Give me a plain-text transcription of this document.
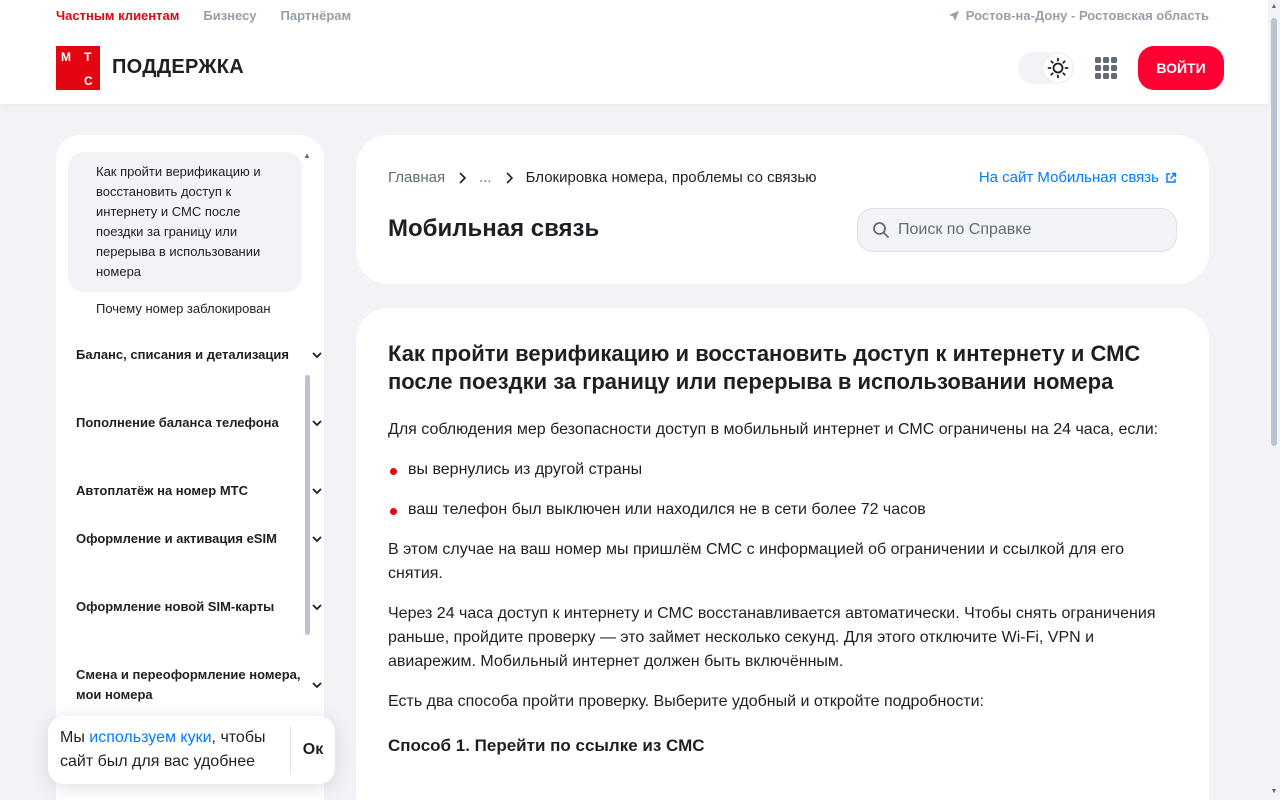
Частным клиентам Бизнесу Партнёрам	Ростов-на-Дону - Ростовская область
М Т
С
ПОДДЕРЖКА	ВОЙТИ
Как пройти верификацию и восстановить доступ к интернету и СМС после поездки за границу или перерыва в использовании номера
Почему номер заблокирован
Баланс, списания и детализация
Пополнение баланса телефона
Автоплатёж на номер МТС
Оформление и активация eSIM
Оформление новой SIM-карты
Смена и переоформление номера, мои номера
▲
Главная ... Блокировка номера, проблемы со связью	На сайт Мобильная связь
Мобильная связь
Поиск по Справке
Как пройти верификацию и восстановить доступ к интернету и СМС после поездки за границу или перерыва в использовании номера

Для соблюдения мер безопасности доступ в мобильный интернет и СМС ограничены на 24 часа, если:

вы вернулись из другой страны
ваш телефон был выключен или находился не в сети более 72 часов

В этом случае на ваш номер мы пришлём СМС с информацией об ограничении и ссылкой для его снятия.

Через 24 часа доступ к интернету и СМС восстанавливается автоматически. Чтобы снять ограничения раньше, пройдите проверку — это займет несколько секунд. Для этого отключите Wi-Fi, VPN и авиарежим. Мобильный интернет должен быть включённым.

Есть два способа пройти проверку. Выберите удобный и откройте подробности:

Способ 1. Перейти по ссылке из СМС
Мы используем куки, чтобы сайт был для вас удобнее
Ок
▲
▼
